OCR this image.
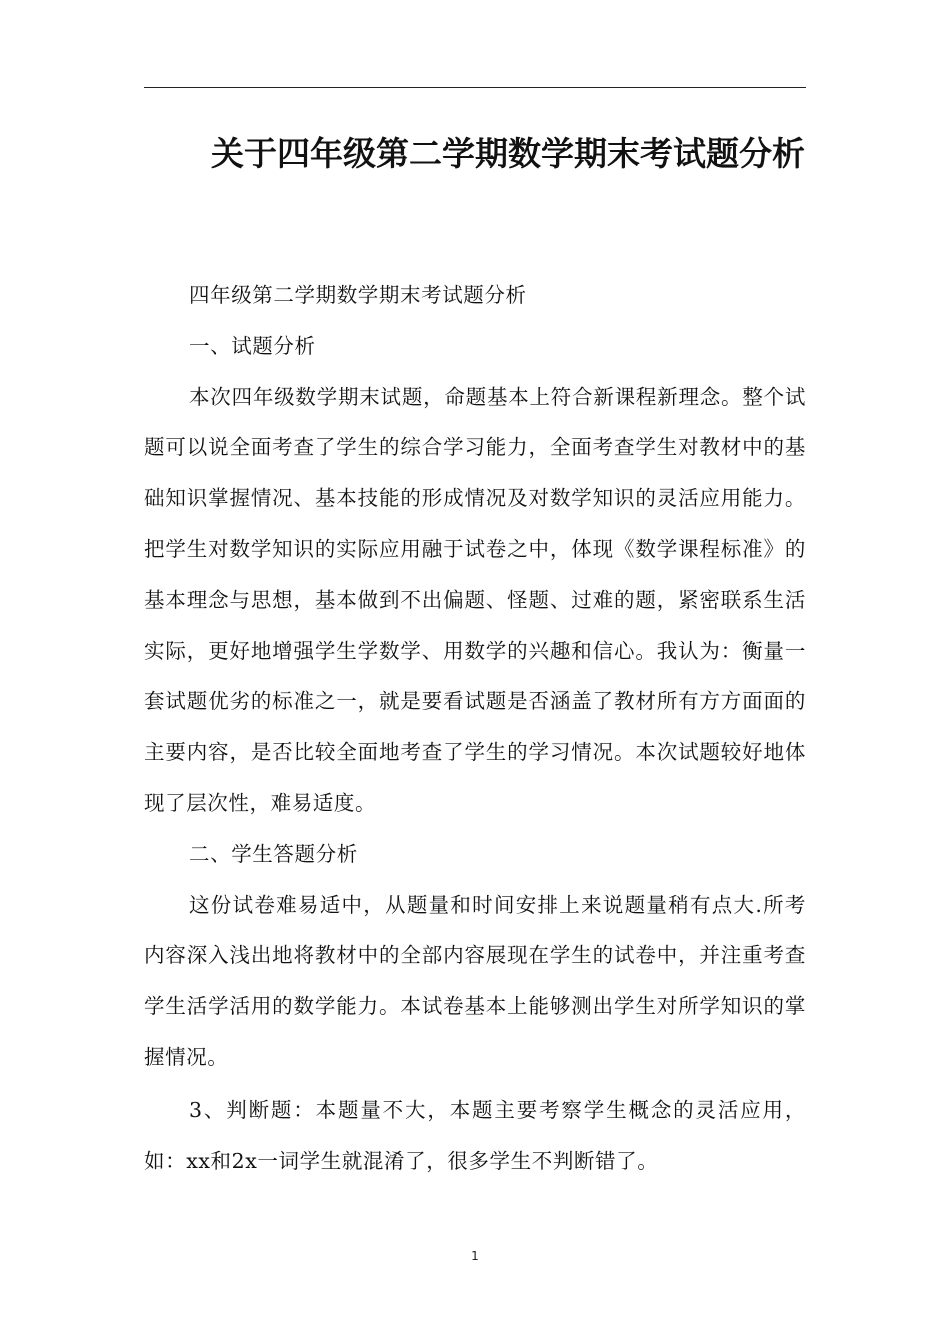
关于四年级第二学期数学期末考试题分析

四年级第二学期数学期末考试题分析

一、试题分析

本次四年级数学期末试题，命题基本上符合新课程新理念。整个试题可以说全面考查了学生的综合学习能力，全面考查学生对教材中的基础知识掌握情况、基本技能的形成情况及对数学知识的灵活应用能力。把学生对数学知识的实际应用融于试卷之中，体现《数学课程标准》的基本理念与思想，基本做到不出偏题、怪题、过难的题，紧密联系生活实际，更好地增强学生学数学、用数学的兴趣和信心。我认为：衡量一套试题优劣的标准之一，就是要看试题是否涵盖了教材所有方方面面的主要内容，是否比较全面地考查了学生的学习情况。本次试题较好地体现了层次性，难易适度。

二、学生答题分析

这份试卷难易适中，从题量和时间安排上来说题量稍有点大.所考内容深入浅出地将教材中的全部内容展现在学生的试卷中，并注重考查学生活学活用的数学能力。本试卷基本上能够测出学生对所学知识的掌握情况。

3、判断题：本题量不大，本题主要考察学生概念的灵活应用，如：xx和2x一词学生就混淆了，很多学生不判断错了。

1
